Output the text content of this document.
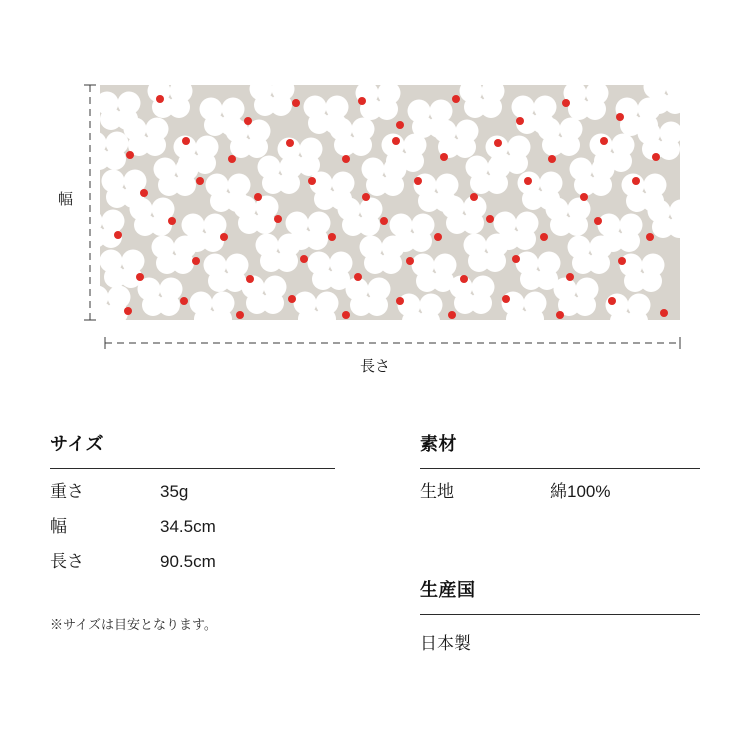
幅
長さ
サイズ
重さ	35g
幅	34.5cm
長さ	90.5cm
※サイズは目安となります。
素材
生地	綿100%
生産国
日本製
